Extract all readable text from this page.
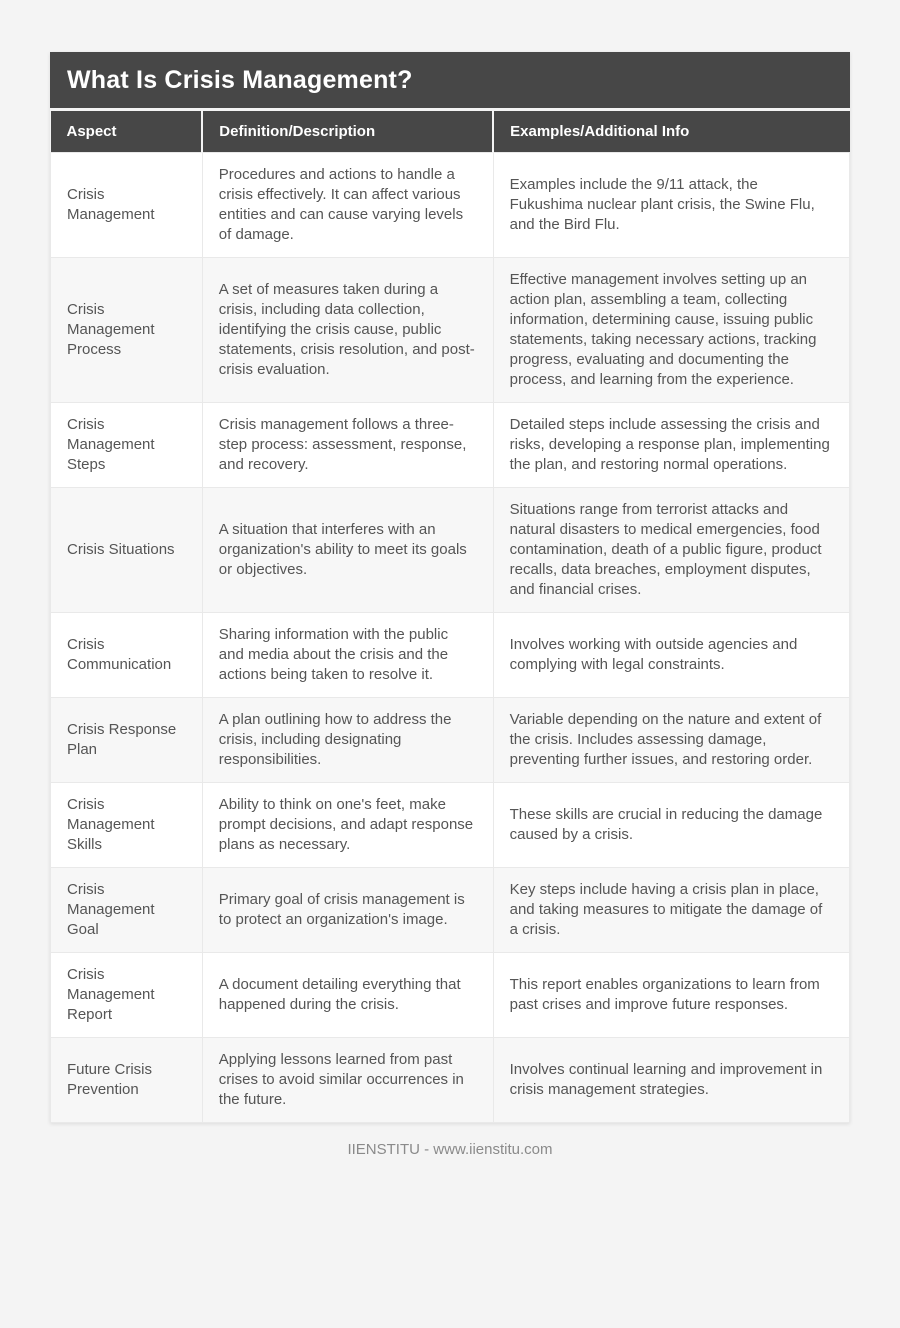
What Is Crisis Management?
Aspect	Definition/Description	Examples/Additional Info
Crisis Management	Procedures and actions to handle a crisis effectively. It can affect various entities and can cause varying levels of damage.	Examples include the 9/11 attack, the Fukushima nuclear plant crisis, the Swine Flu, and the Bird Flu.
Crisis Management Process	A set of measures taken during a crisis, including data collection, identifying the crisis cause, public statements, crisis resolution, and post-crisis evaluation.	Effective management involves setting up an action plan, assembling a team, collecting information, determining cause, issuing public statements, taking necessary actions, tracking progress, evaluating and documenting the process, and learning from the experience.
Crisis Management Steps	Crisis management follows a three-step process: assessment, response, and recovery.	Detailed steps include assessing the crisis and risks, developing a response plan, implementing the plan, and restoring normal operations.
Crisis Situations	A situation that interferes with an organization's ability to meet its goals or objectives.	Situations range from terrorist attacks and natural disasters to medical emergencies, food contamination, death of a public figure, product recalls, data breaches, employment disputes, and financial crises.
Crisis Communication	Sharing information with the public and media about the crisis and the actions being taken to resolve it.	Involves working with outside agencies and complying with legal constraints.
Crisis Response Plan	A plan outlining how to address the crisis, including designating responsibilities.	Variable depending on the nature and extent of the crisis. Includes assessing damage, preventing further issues, and restoring order.
Crisis Management Skills	Ability to think on one's feet, make prompt decisions, and adapt response plans as necessary.	These skills are crucial in reducing the damage caused by a crisis.
Crisis Management Goal	Primary goal of crisis management is to protect an organization's image.	Key steps include having a crisis plan in place, and taking measures to mitigate the damage of a crisis.
Crisis Management Report	A document detailing everything that happened during the crisis.	This report enables organizations to learn from past crises and improve future responses.
Future Crisis Prevention	Applying lessons learned from past crises to avoid similar occurrences in the future.	Involves continual learning and improvement in crisis management strategies.
IIENSTITU - www.iienstitu.com
